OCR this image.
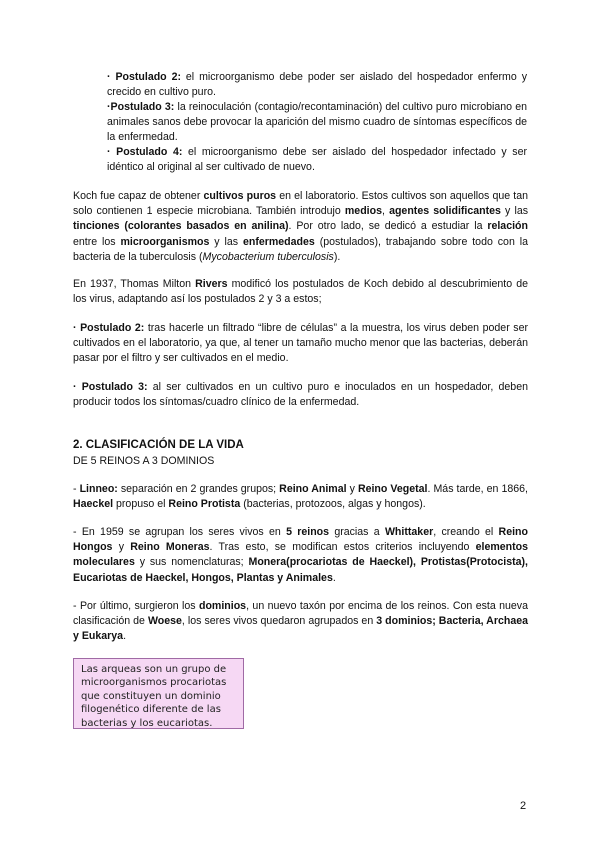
· Postulado 2: el microorganismo debe poder ser aislado del hospedador enfermo y crecido en cultivo puro.

·Postulado 3: la reinoculación (contagio/recontaminación) del cultivo puro microbiano en animales sanos debe provocar la aparición del mismo cuadro de síntomas específicos de la enfermedad.

· Postulado 4: el microorganismo debe ser aislado del hospedador infectado y ser idéntico al original al ser cultivado de nuevo.

Koch fue capaz de obtener cultivos puros en el laboratorio. Estos cultivos son aquellos que tan solo contienen 1 especie microbiana. También introdujo medios, agentes solidificantes y las tinciones (colorantes basados en anilina). Por otro lado, se dedicó a estudiar la relación entre los microorganismos y las enfermedades (postulados), trabajando sobre todo con la bacteria de la tuberculosis (Mycobacterium tuberculosis).

En 1937, Thomas Milton Rivers modificó los postulados de Koch debido al descubrimiento de los virus, adaptando así los postulados 2 y 3 a estos;

· Postulado 2: tras hacerle un filtrado “libre de células” a la muestra, los virus deben poder ser cultivados en el laboratorio, ya que, al tener un tamaño mucho menor que las bacterias, deberán pasar por el filtro y ser cultivados en el medio.

· Postulado 3: al ser cultivados en un cultivo puro e inoculados en un hospedador, deben producir todos los síntomas/cuadro clínico de la enfermedad.

2. CLASIFICACIÓN DE LA VIDA

DE 5 REINOS A 3 DOMINIOS

- Linneo: separación en 2 grandes grupos; Reino Animal y Reino Vegetal. Más tarde, en 1866, Haeckel propuso el Reino Protista (bacterias, protozoos, algas y hongos).

- En 1959 se agrupan los seres vivos en 5 reinos gracias a Whittaker, creando el Reino Hongos y Reino Moneras. Tras esto, se modifican estos criterios incluyendo elementos moleculares y sus nomenclaturas; Monera(procariotas de Haeckel), Protistas(Protocista), Eucariotas de Haeckel, Hongos, Plantas y Animales.

- Por último, surgieron los dominios, un nuevo taxón por encima de los reinos. Con esta nueva clasificación de Woese, los seres vivos quedaron agrupados en 3 dominios; Bacteria, Archaea y Eukarya.

Las arqueas son un grupo de microorganismos procariotas que constituyen un dominio filogenético diferente de las bacterias y los eucariotas.
2
